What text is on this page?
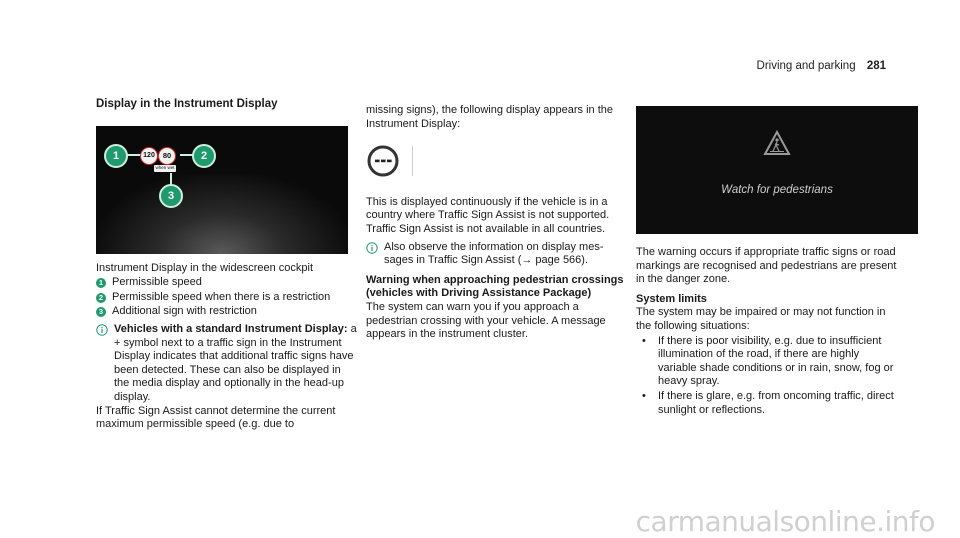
Driving and parking 281
Display in the Instrument Display
120	80
when wet
1	2
3

Instrument Display in the widescreen cockpit

1 Permissible speed
2 Permissible speed when there is a restriction
3 Additional sign with restriction
Vehicles with a standard Instrument Display: a + symbol next to a traffic sign in the Instrument Display indicates that additional traffic signs have been detected. These can also be displayed in the media display and optionally in the head-up display.

If Traffic Sign Assist cannot determine the current maximum permissible speed (e.g. due to

missing signs), the following display appears in the Instrument Display:

This is displayed continuously if the vehicle is in a country where Traffic Sign Assist is not supported. Traffic Sign Assist is not available in all countries.

Also observe the information on display messages in Traffic Sign Assist (→ page 566).
Warning when approaching pedestrian crossings (vehicles with Driving Assistance Package)

The system can warn you if you approach a pedestrian crossing with your vehicle. A message appears in the instrument cluster.

Watch for pedestrians

The warning occurs if appropriate traffic signs or road markings are recognised and pedestrians are present in the danger zone.

System limits

The system may be impaired or may not function in the following situations:

•	If there is poor visibility, e.g. due to insufficient illumination of the road, if there are highly variable shade conditions or in rain, snow, fog or heavy spray.
•	If there is glare, e.g. from oncoming traffic, direct sunlight or reflections.
carmanualsonline.info
